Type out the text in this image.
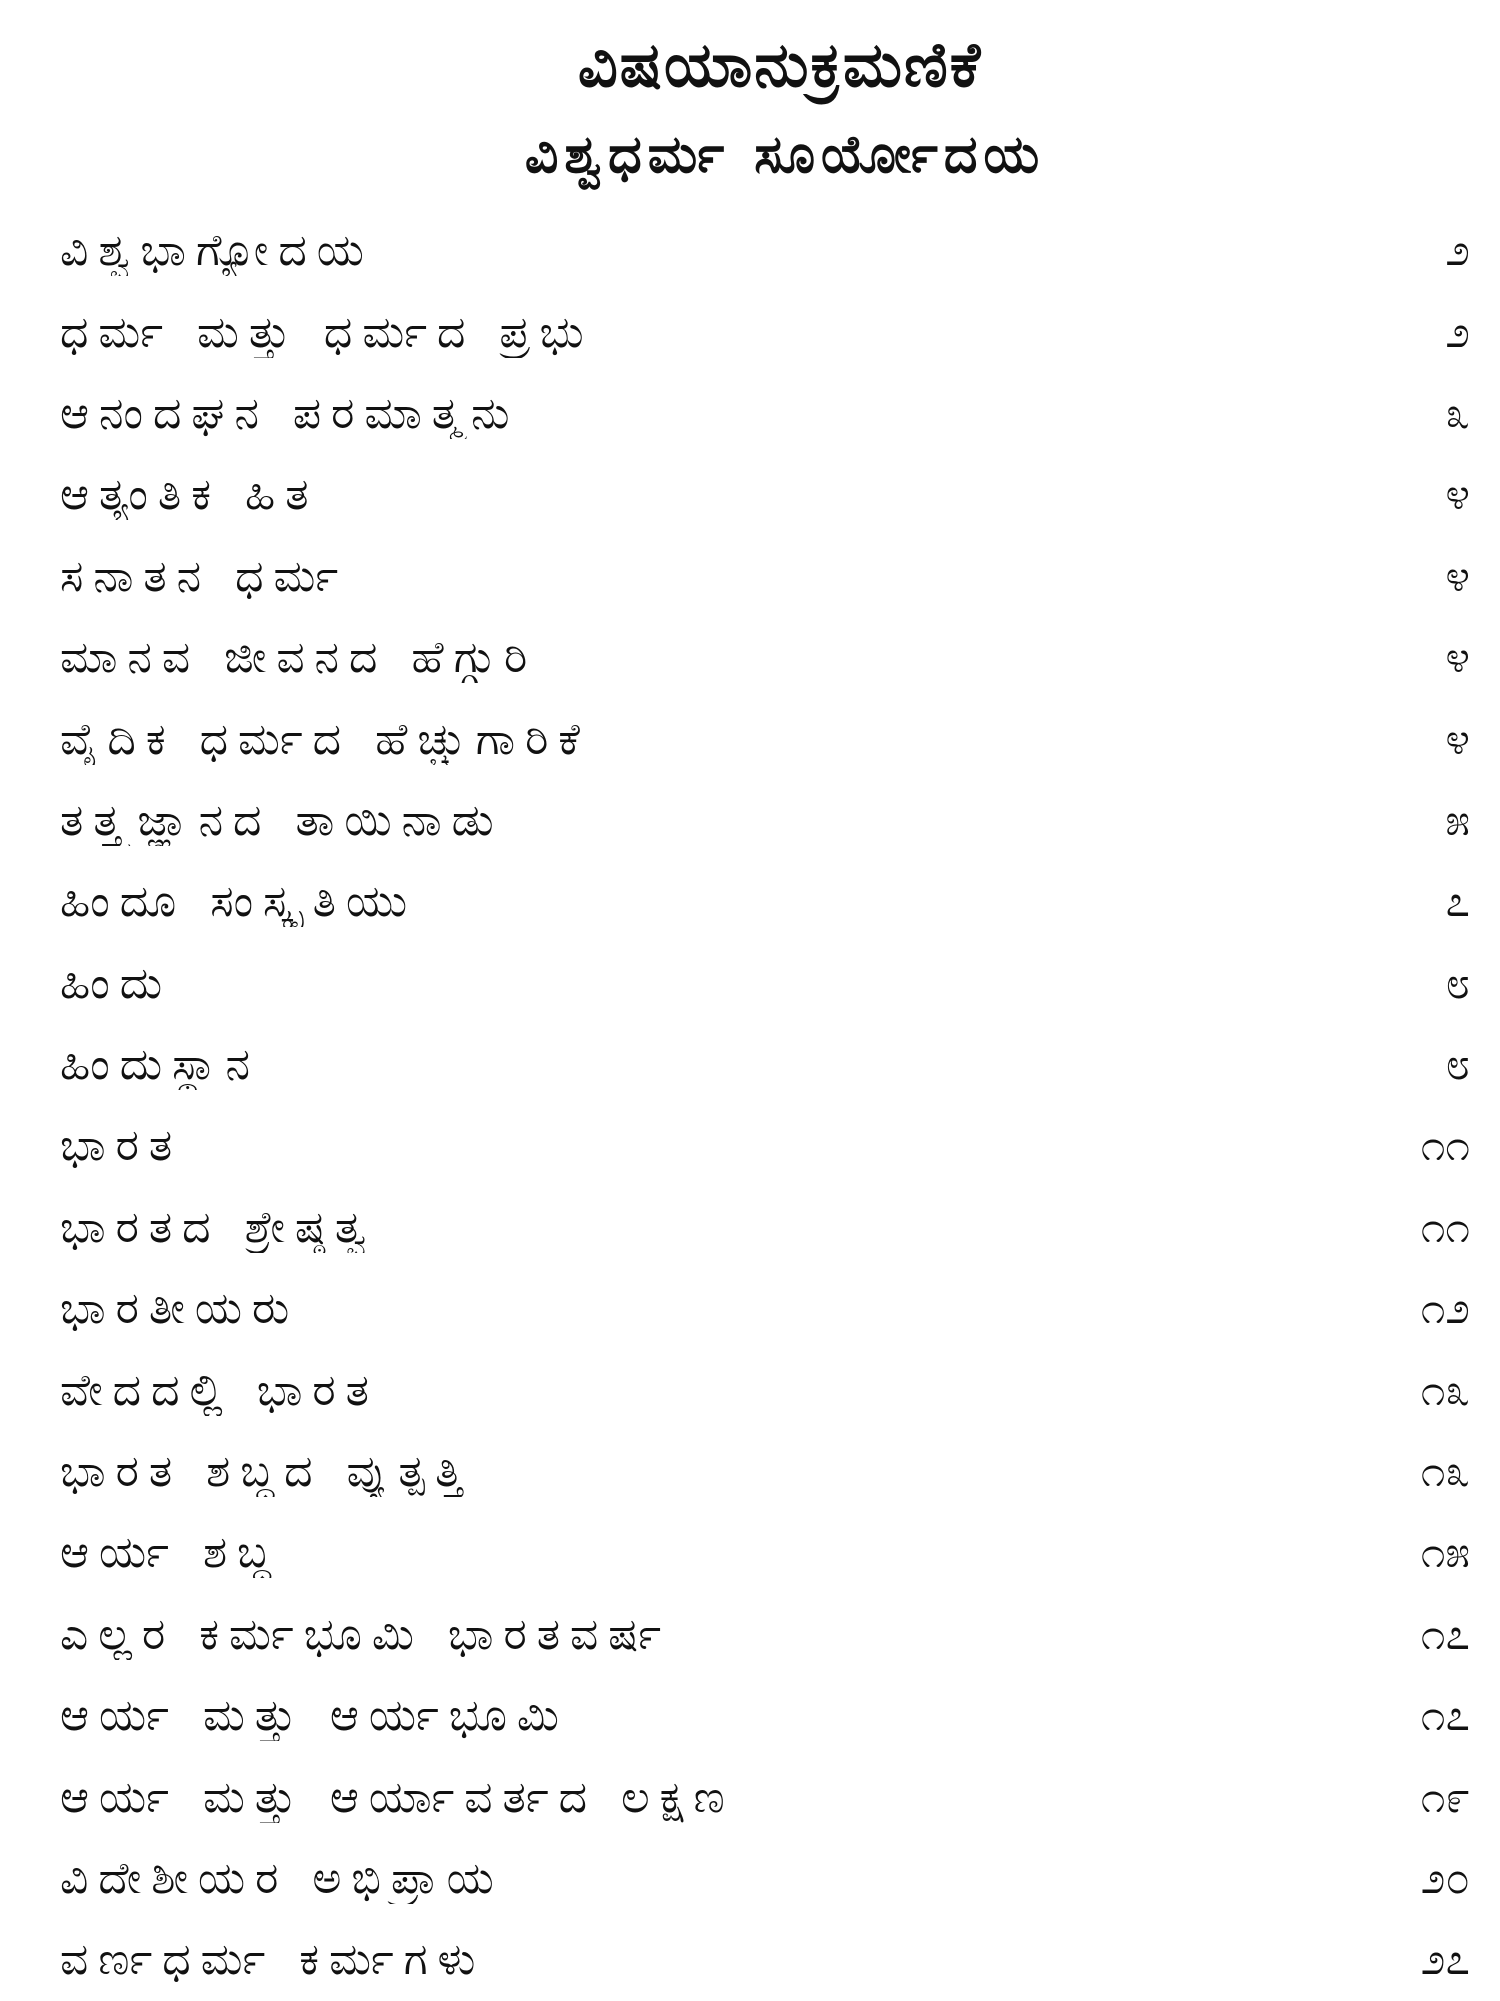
ವಿಷಯಾನುಕ್ರಮಣಿಕೆ
ವಿಶ್ವಧರ್ಮ ಸೂರ್ಯೋದಯ
ವಿಶ್ವಭಾಗ್ಯೋದಯ	೨
ಧರ್ಮ ಮತ್ತು ಧರ್ಮದ ಪ್ರಭು	೨
ಆನಂದಘನ ಪರಮಾತ್ಮನು	೩
ಆತ್ಯಂತಿಕ ಹಿತ	೪
ಸನಾತನ ಧರ್ಮ	೪
ಮಾನವ ಜೀವನದ ಹೆಗ್ಗುರಿ	೪
ವೈದಿಕ ಧರ್ಮದ ಹೆಚ್ಚುಗಾರಿಕೆ	೪
ತತ್ತ್ವಜ್ಞಾನದ ತಾಯಿನಾಡು	೫
ಹಿಂದೂ ಸಂಸ್ಕೃತಿಯು	೭
ಹಿಂದು	೮
ಹಿಂದುಸ್ಥಾನ	೮
ಭಾರತ	೧೧
ಭಾರತದ ಶ್ರೇಷ್ಠತ್ವ	೧೧
ಭಾರತೀಯರು	೧೨
ವೇದದಲ್ಲಿ ಭಾರತ	೧೩
ಭಾರತ ಶಬ್ದದ ವ್ಯುತ್ಪತ್ತಿ	೧೩
ಆರ್ಯ ಶಬ್ದ	೧೫
ಎಲ್ಲರ ಕರ್ಮಭೂಮಿ ಭಾರತವರ್ಷ	೧೭
ಆರ್ಯ ಮತ್ತು ಆರ್ಯಭೂಮಿ	೧೭
ಆರ್ಯ ಮತ್ತು ಆರ್ಯಾವರ್ತದ ಲಕ್ಷಣ	೧೯
ವಿದೇಶೀಯರ ಅಭಿಪ್ರಾಯ	೨೦
ವರ್ಣಧರ್ಮ ಕರ್ಮಗಳು	೨೭
